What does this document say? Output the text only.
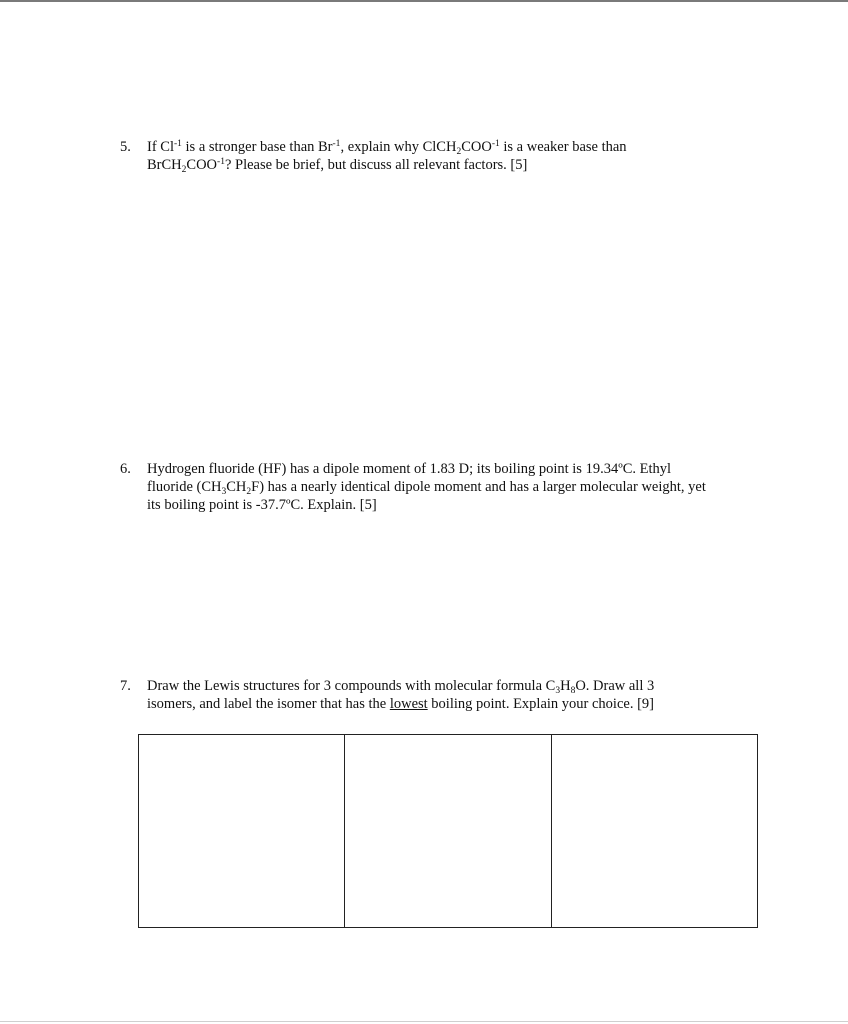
5. If $Cl^{-1}$ is a stronger base than $Br^{-1}$, explain why $ClCH_2COO^{-1}$ is a weaker base than
$BrCH_2COO^{-1}$? Please be brief, but discuss all relevant factors. [5]
6. Hydrogen fluoride (HF) has a dipole moment of 1.83 D; its boiling point is 19.34ºC. Ethyl
fluoride $(CH_3CH_2F)$ has a nearly identical dipole moment and has a larger molecular weight, yet
its boiling point is -37.7ºC. Explain. [5]
7. Draw the Lewis structures for 3 compounds with molecular formula $C_3H_8O$. Draw all 3
isomers, and label the isomer that has the lowest boiling point. Explain your choice. [9]
